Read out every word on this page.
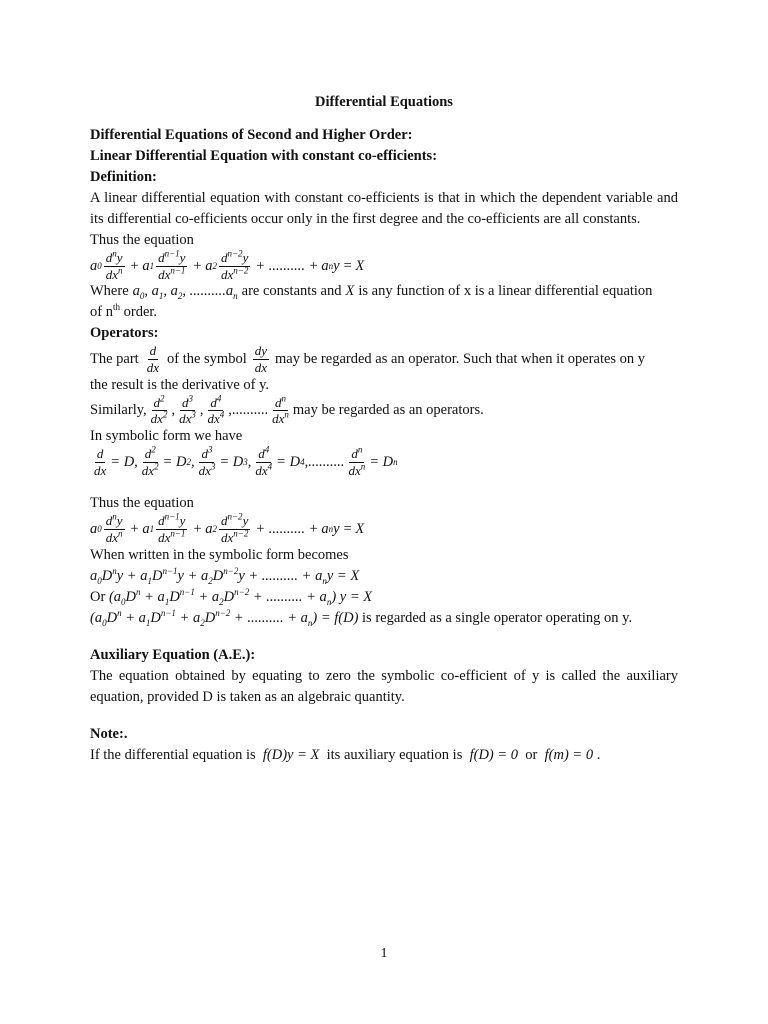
Differential Equations
Differential Equations of Second and Higher Order:
Linear Differential Equation with constant co-efficients:
Definition:
A linear differential equation with constant co-efficients is that in which the dependent variable and its differential co-efficients occur only in the first degree and the co-efficients are all constants.
Thus the equation
a $0 \frac{d^ny}{dx^n} + a$ $1 \frac{d^{n-1}y}{dx^{n-1}} + a$ $2 \frac{d^{n-2}y}{dx^{n-2}}$ + .......... + a n y = X
Where $a_0$, $a_1$, $a_2$, $..........a_n$ are constants and X is any function of x is a linear differential equation
of $n^{th}$ order.
Operators:
The part $\frac{d}{dx}$ of the symbol $\frac{dy}{dx}$ may be regarded as an operator. Such that when it operates on y
the result is the derivative of y.
Similarly, $\frac{d^2}{dx^2}$ , $\frac{d^3}{dx^3}$ , $\frac{d^4}{dx^4}$ ,.......... $\frac{d^n}{dx^n}$ may be regarded as an operators.
In symbolic form we have
$\frac{d}{dx} = D$, $\frac{d^2}{dx^2} = D$ 2 , $\frac{d^3}{dx^3} = D$ 3 , $\frac{d^4}{dx^4} = D$ 4 ,.......... $\frac{d^n}{dx^n} = D$ n
Thus the equation
a $0 \frac{d^ny}{dx^n} + a$ $1 \frac{d^{n-1}y}{dx^{n-1}} + a$ $2 \frac{d^{n-2}y}{dx^{n-2}}$ + .......... + a n y = X
When written in the symbolic form becomes
$a_0D^ny + a_1D^{n-1}y + a_2D^{n-2}y$ + .......... + $a_ny = X$
Or ($a_0D^n + a_1D^{n-1} + a_2D^{n-2}$ + .......... + $a_n$) y = X
($a_0D^n + a_1D^{n-1} + a_2D^{n-2}$ + .......... + $a_n) = f(D)$ is regarded as a single operator operating on y.
Auxiliary Equation (A.E.):
The equation obtained by equating to zero the symbolic co-efficient of y is called the auxiliary equation, provided D is taken as an algebraic quantity.
Note:.
If the differential equation is  f(D)y = X  its auxiliary equation is  f(D) = 0  or  f(m) = 0 .
1
